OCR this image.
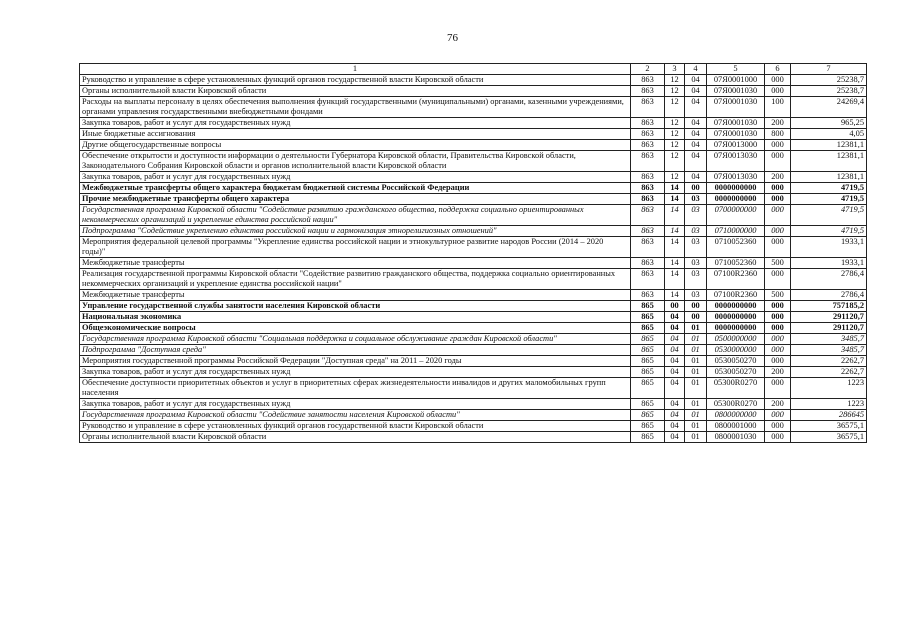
76
1	2	3	4	5	6	7
Руководство и управление в сфере установленных функций органов государственной власти Кировской области	863	12	04	07Я0001000	000	25238,7
Органы исполнительной власти Кировской области	863	12	04	07Я0001030	000	25238,7
Расходы на выплаты персоналу в целях обеспечения выполнения функций государственными (муниципальными) органами, казенными учреждениями, органами управления государственными внебюджетными фондами	863	12	04	07Я0001030	100	24269,4
Закупка товаров, работ и услуг для государственных нужд	863	12	04	07Я0001030	200	965,25
Иные бюджетные ассигнования	863	12	04	07Я0001030	800	4,05
Другие общегосударственные вопросы	863	12	04	07Я0013000	000	12381,1
Обеспечение открытости и доступности информации о деятельности Губернатора Кировской области, Правительства Кировской области, Законодательного Собрания Кировской области и органов исполнительной власти Кировской области	863	12	04	07Я0013030	000	12381,1
Закупка товаров, работ и услуг для государственных нужд	863	12	04	07Я0013030	200	12381,1
Межбюджетные трансферты общего характера бюджетам бюджетной системы Российской Федерации	863	14	00	0000000000	000	4719,5
Прочие межбюджетные трансферты общего характера	863	14	03	0000000000	000	4719,5
Государственная программа Кировской области "Содействие развитию гражданского общества, поддержка социально ориентированных некоммерческих организаций и укрепление единства российской нации"	863	14	03	0700000000	000	4719,5
Подпрограмма "Содействие укреплению единства российской нации и гармонизация этнорелигиозных отношений"	863	14	03	0710000000	000	4719,5
Мероприятия федеральной целевой программы "Укрепление единства российской нации и этнокультурное развитие народов России (2014 – 2020 годы)"	863	14	03	0710052360	000	1933,1
Межбюджетные трансферты	863	14	03	0710052360	500	1933,1
Реализация государственной программы Кировской области "Содействие развитию гражданского общества, поддержка социально ориентированных некоммерческих организаций и укрепление единства российской нации"	863	14	03	07100R2360	000	2786,4
Межбюджетные трансферты	863	14	03	07100R2360	500	2786,4
Управление государственной службы занятости населения Кировской области	865	00	00	0000000000	000	757185,2
Национальная экономика	865	04	00	0000000000	000	291120,7
Общеэкономические вопросы	865	04	01	0000000000	000	291120,7
Государственная программа Кировской области "Социальная поддержка и социальное обслуживание граждан Кировской области"	865	04	01	0500000000	000	3485,7
Подпрограмма "Доступная среда"	865	04	01	0530000000	000	3485,7
Мероприятия государственной программы Российской Федерации "Доступная среда" на 2011 – 2020 годы	865	04	01	0530050270	000	2262,7
Закупка товаров, работ и услуг для государственных нужд	865	04	01	0530050270	200	2262,7
Обеспечение доступности приоритетных объектов и услуг в приоритетных сферах жизнедеятельности инвалидов и других маломобильных групп населения	865	04	01	05300R0270	000	1223
Закупка товаров, работ и услуг для государственных нужд	865	04	01	05300R0270	200	1223
Государственная программа Кировской области "Содействие занятости населения Кировской области"	865	04	01	0800000000	000	286645
Руководство и управление в сфере установленных функций органов государственной власти Кировской области	865	04	01	0800001000	000	36575,1
Органы исполнительной власти Кировской области	865	04	01	0800001030	000	36575,1
